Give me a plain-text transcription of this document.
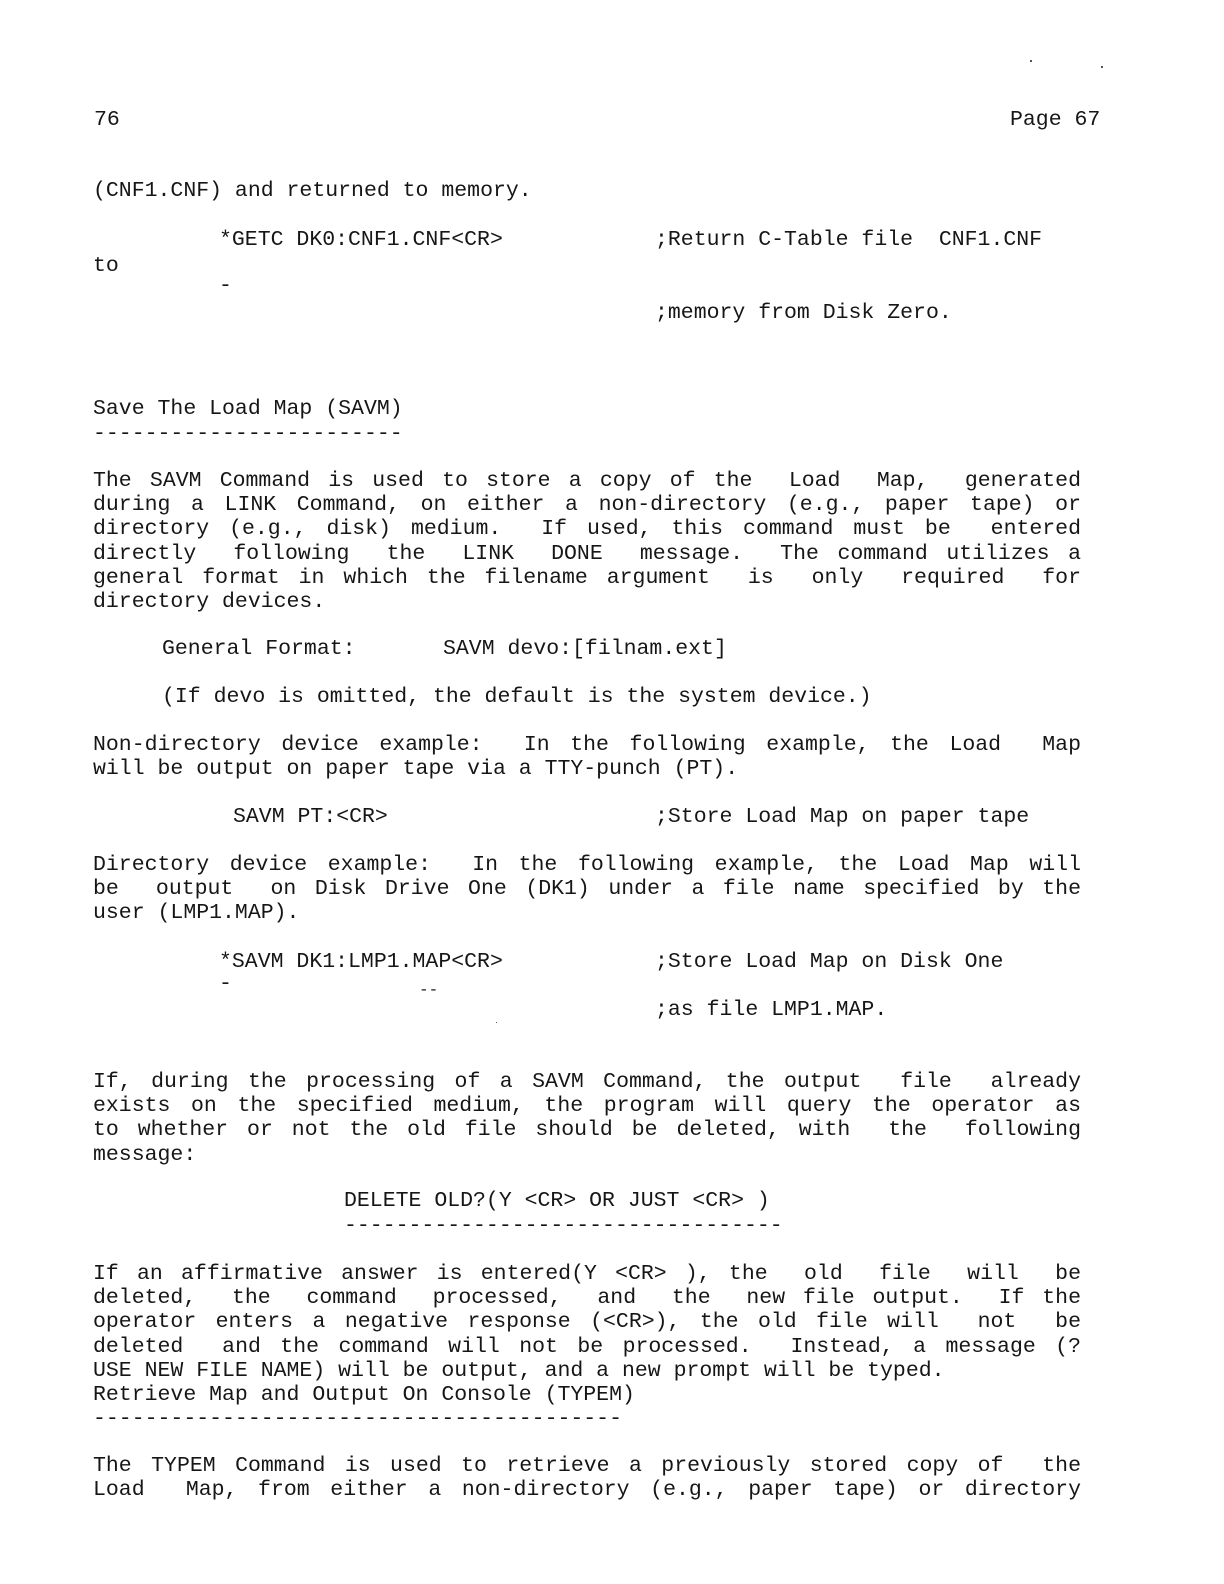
76	Page 67
(CNF1.CNF) and returned to memory.
*GETC DK0:CNF1.CNF<CR>	;Return C-Table file  CNF1.CNF
to
-
;memory from Disk Zero.
Save The Load Map (SAVM)
------------------------
The SAVM Command is used to store a copy of the  Load  Map,  generated
during a LINK Command, on either a non-directory (e.g., paper tape) or
directory (e.g., disk) medium.  If used, this command must be  entered
directly  following  the  LINK  DONE  message.  The command utilizes a
general format in which the filename argument  is  only  required  for
directory devices.
General Format:	SAVM devo:[filnam.ext]
(If devo is omitted, the default is the system device.)
Non-directory device example:  In the following example, the Load  Map
will be output on paper tape via a TTY-punch (PT).
SAVM PT:<CR>	;Store Load Map on paper tape
Directory device example:  In the following example, the Load Map will
be  output  on Disk Drive One (DK1) under a file name specified by the
user (LMP1.MAP).
*SAVM DK1:LMP1.MAP<CR>	;Store Load Map on Disk One
-	--
;as file LMP1.MAP.
If, during the processing of a SAVM Command, the output  file  already
exists on the specified medium, the program will query the operator as
to whether or not the old file should be deleted, with  the  following
message:
DELETE OLD?(Y <CR> OR JUST <CR> )
----------------------------------
If an affirmative answer is entered(Y <CR> ), the  old  file  will  be
deleted,  the  command  processed,  and  the  new file output.  If the
operator enters a negative response (<CR>), the old file will  not  be
deleted  and the command will not be processed.  Instead, a message (?
USE NEW FILE NAME) will be output, and a new prompt will be typed.
Retrieve Map and Output On Console (TYPEM)
-----------------------------------------
The TYPEM Command is used to retrieve a previously stored copy of  the
Load  Map, from either a non-directory (e.g., paper tape) or directory
